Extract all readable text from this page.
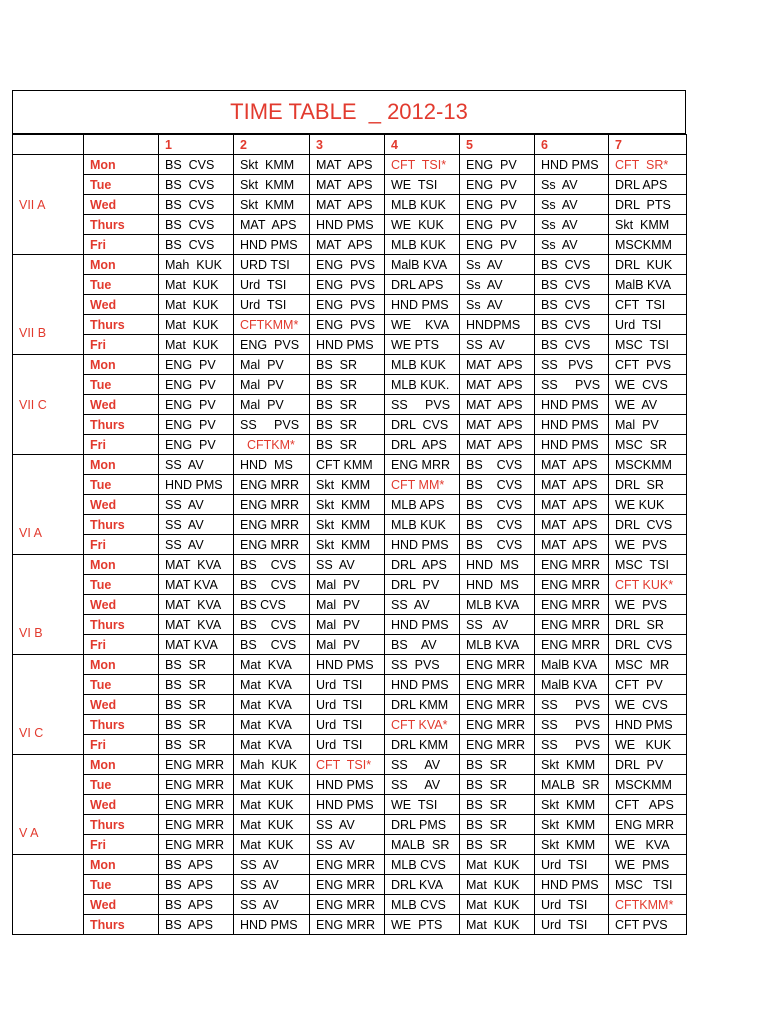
TIME TABLE  _ 2012-13
		1	2	3	4	5	6	7
VII A	Mon	BS  CVS	Skt  KMM	MAT  APS	CFT  TSI*	ENG  PV	HND PMS	CFT  SR*
	Tue	BS  CVS	Skt  KMM	MAT  APS	WE  TSI	ENG  PV	Ss  AV	DRL APS
	Wed	BS  CVS	Skt  KMM	MAT  APS	MLB KUK	ENG  PV	Ss  AV	DRL  PTS
	Thurs	BS  CVS	MAT  APS	HND PMS	WE  KUK	ENG  PV	Ss  AV	Skt  KMM
	Fri	BS  CVS	HND PMS	MAT  APS	MLB KUK	ENG  PV	Ss  AV	MSCKMM
VII B	Mon	Mah  KUK	URD TSI	ENG  PVS	MalB KVA	Ss  AV	BS  CVS	DRL  KUK
	Tue	Mat  KUK	Urd  TSI	ENG  PVS	DRL APS	Ss  AV	BS  CVS	MalB KVA
	Wed	Mat  KUK	Urd  TSI	ENG  PVS	HND PMS	Ss  AV	BS  CVS	CFT  TSI
	Thurs	Mat  KUK	CFTKMM*	ENG  PVS	WE    KVA	HNDPMS	BS  CVS	Urd  TSI
	Fri	Mat  KUK	ENG  PVS	HND PMS	WE PTS	SS  AV	BS  CVS	MSC  TSI
VII C	Mon	ENG  PV	Mal  PV	BS  SR	MLB KUK	MAT  APS	SS   PVS	CFT  PVS
	Tue	ENG  PV	Mal  PV	BS  SR	MLB KUK.	MAT  APS	SS     PVS	WE  CVS
	Wed	ENG  PV	Mal  PV	BS  SR	SS     PVS	MAT  APS	HND PMS	WE  AV
	Thurs	ENG  PV	SS     PVS	BS  SR	DRL  CVS	MAT  APS	HND PMS	Mal  PV
	Fri	ENG  PV	CFTKM*	BS  SR	DRL  APS	MAT  APS	HND PMS	MSC  SR
VI A	Mon	SS  AV	HND  MS	CFT KMM	ENG MRR	BS    CVS	MAT  APS	MSCKMM
	Tue	HND PMS	ENG MRR	Skt  KMM	CFT MM*	BS    CVS	MAT  APS	DRL  SR
	Wed	SS  AV	ENG MRR	Skt  KMM	MLB APS	BS    CVS	MAT  APS	WE KUK
	Thurs	SS  AV	ENG MRR	Skt  KMM	MLB KUK	BS    CVS	MAT  APS	DRL  CVS
	Fri	SS  AV	ENG MRR	Skt  KMM	HND PMS	BS    CVS	MAT  APS	WE  PVS
VI B	Mon	MAT  KVA	BS    CVS	SS  AV	DRL  APS	HND  MS	ENG MRR	MSC  TSI
	Tue	MAT KVA	BS    CVS	Mal  PV	DRL  PV	HND  MS	ENG MRR	CFT KUK*
	Wed	MAT  KVA	BS CVS	Mal  PV	SS  AV	MLB KVA	ENG MRR	WE  PVS
	Thurs	MAT  KVA	BS    CVS	Mal  PV	HND PMS	SS   AV	ENG MRR	DRL  SR
	Fri	MAT KVA	BS    CVS	Mal  PV	BS    AV	MLB KVA	ENG MRR	DRL  CVS
VI C	Mon	BS  SR	Mat  KVA	HND PMS	SS  PVS	ENG MRR	MalB KVA	MSC  MR
	Tue	BS  SR	Mat  KVA	Urd  TSI	HND PMS	ENG MRR	MalB KVA	CFT  PV
	Wed	BS  SR	Mat  KVA	Urd  TSI	DRL KMM	ENG MRR	SS     PVS	WE  CVS
	Thurs	BS  SR	Mat  KVA	Urd  TSI	CFT KVA*	ENG MRR	SS     PVS	HND PMS
	Fri	BS  SR	Mat  KVA	Urd  TSI	DRL KMM	ENG MRR	SS     PVS	WE   KUK
V A	Mon	ENG MRR	Mah  KUK	CFT  TSI*	SS     AV	BS  SR	Skt  KMM	DRL  PV
	Tue	ENG MRR	Mat  KUK	HND PMS	SS     AV	BS  SR	MALB  SR	MSCKMM
	Wed	ENG MRR	Mat  KUK	HND PMS	WE  TSI	BS  SR	Skt  KMM	CFT   APS
	Thurs	ENG MRR	Mat  KUK	SS  AV	DRL PMS	BS  SR	Skt  KMM	ENG MRR
	Fri	ENG MRR	Mat  KUK	SS  AV	MALB  SR	BS  SR	Skt  KMM	WE   KVA
	Mon	BS  APS	SS  AV	ENG MRR	MLB CVS	Mat  KUK	Urd  TSI	WE  PMS
	Tue	BS  APS	SS  AV	ENG MRR	DRL KVA	Mat  KUK	HND PMS	MSC   TSI
	Wed	BS  APS	SS  AV	ENG MRR	MLB CVS	Mat  KUK	Urd  TSI	CFTKMM*
	Thurs	BS  APS	HND PMS	ENG MRR	WE  PTS	Mat  KUK	Urd  TSI	CFT PVS
